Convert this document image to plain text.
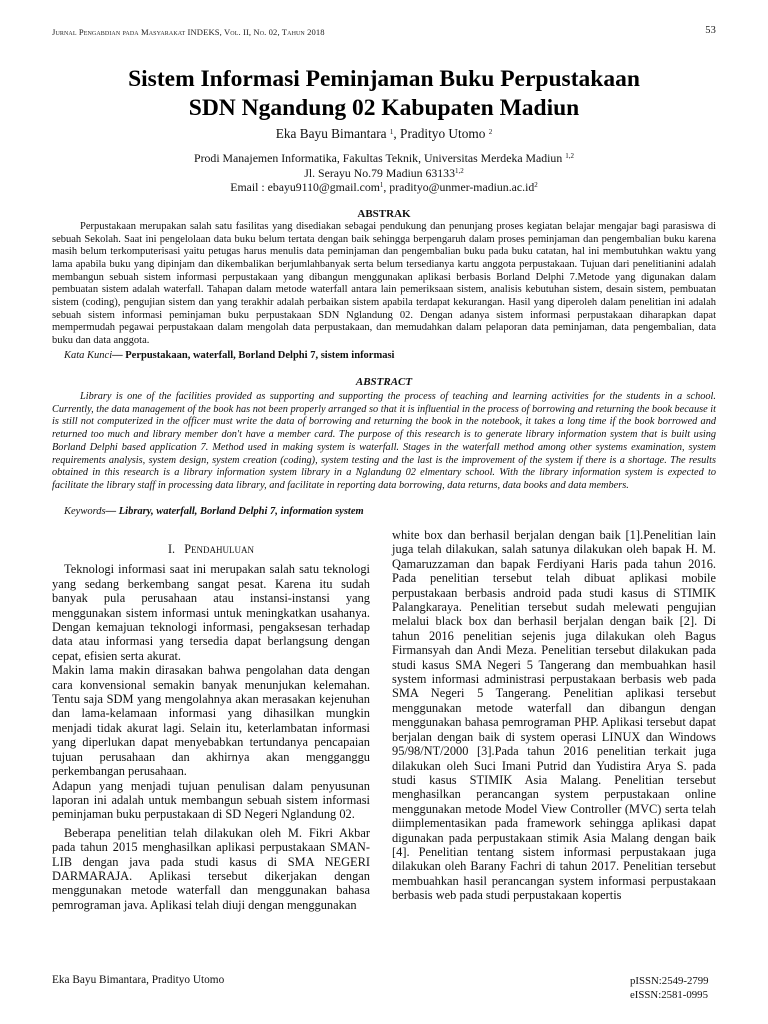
Jurnal Pengabdian pada Masyarakat INDEKS, Vol. II, No. 02, Tahun 2018	53
Sistem Informasi Peminjaman Buku Perpustakaan
SDN Ngandung 02 Kabupaten Madiun
Eka Bayu Bimantara $^1$, Pradityo Utomo $^2$
Prodi Manajemen Informatika, Fakultas Teknik, Universitas Merdeka Madiun $^{1,2}$
Jl. Serayu No.79 Madiun 63133$^{1,2}$
Email : ebayu9110@gmail.com$^1$, $pradityo@unmer-madiun.ac.id^2$
ABSTRAK

Perpustakaan merupakan salah satu fasilitas yang disediakan sebagai pendukung dan penunjang proses kegiatan belajar mengajar bagi parasiswa di sebuah Sekolah. Saat ini pengelolaan data buku belum tertata dengan baik sehingga berpengaruh dalam proses peminjaman dan pengembalian buku karena masih belum terkomputerisasi yaitu petugas harus menulis data peminjaman dan pengembalian buku pada buku catatan, hal ini membutuhkan waktu yang lama apabila buku yang dipinjam dan dikembalikan berjumlahbanyak serta belum tersedianya kartu anggota perpustakaan. Tujuan dari penelitianini adalah membangun sebuah sistem informasi perpustakaan yang dibangun menggunakan aplikasi berbasis Borland Delphi 7.Metode yang digunakan dalam pembuatan sistem adalah waterfall. Tahapan dalam metode waterfall antara lain pemeriksaan sistem, analisis kebutuhan sistem, desain sistem, pembuatan sistem (coding), pengujian sistem dan yang terakhir adalah perbaikan sistem apabila terdapat kekurangan. Hasil yang diperoleh dalam penelitian ini adalah sebuah sistem informasi peminjaman buku perpustakaan SDN Nglandung 02. Dengan adanya sistem informasi perpustakaan diharapkan dapat mempermudah pegawai perpustakaan dalam mengolah data perpustakaan, dan memudahkan dalam pelaporan data peminjaman, data pengembalian, data buku dan data anggota.

Kata Kunci— Perpustakaan, waterfall, Borland Delphi 7, sistem informasi

ABSTRACT

Library is one of the facilities provided as supporting and supporting the process of teaching and learning activities for the students in a school. Currently, the data management of the book has not been properly arranged so that it is influential in the process of borrowing and returning the book because it is still not computerized in the officer must write the data of borrowing and returning the book in the notebook, it takes a long time if the book borrowed and returned too much and library member don't have a member card. The purpose of this research is to generate library information system that is built using Borland Delphi based application 7. Method used in making system is waterfall. Stages in the waterfall method among other systems examination, system requirements analysis, system design, system creation (coding), system testing and the last is the improvement of the system if there is a shortage. The results obtained in this research is a library information system library in a Nglandung 02 elmentary school. With the library information system is expected to facilitate the library staff in processing data library, and facilitate in reporting data borrowing, data returns, data books and data members.

Keywords— Library, waterfall, Borland Delphi 7, information system

I. Pendahuluan

Teknologi informasi saat ini merupakan salah satu teknologi yang sedang berkembang sangat pesat. Karena itu sudah banyak pula perusahaan atau instansi-instansi yang menggunakan sistem informasi untuk meningkatkan usahanya. Dengan kemajuan teknologi informasi, pengaksesan terhadap data atau informasi yang tersedia dapat berlangsung dengan cepat, efisien serta akurat.

Makin lama makin dirasakan bahwa pengolahan data dengan cara konvensional semakin banyak menunjukan kelemahan. Tentu saja SDM yang mengolahnya akan merasakan kejenuhan dan lama-kelamaan informasi yang dihasilkan mungkin menjadi tidak akurat lagi. Selain itu, keterlambatan informasi yang diperlukan dapat menyebabkan tertundanya pencapaian tujuan perusahaan dan akhirnya akan mengganggu perkembangan perusahaan.

Adapun yang menjadi tujuan penulisan dalam penyusunan laporan ini adalah untuk membangun sebuah sistem informasi peminjaman buku perpustakaan di SD Negeri Nglandung 02.

Beberapa penelitian telah dilakukan oleh M. Fikri Akbar pada tahun 2015 menghasilkan aplikasi perpustakaan SMAN-LIB dengan java pada studi kasus di SMA NEGERI DARMARAJA. Aplikasi tersebut dikerjakan dengan menggunakan metode waterfall dan menggunakan bahasa pemrograman java. Aplikasi telah diuji dengan menggunakan

white box dan berhasil berjalan dengan baik [1].Penelitian lain juga telah dilakukan, salah satunya dilakukan oleh bapak H. M. Qamaruzzaman dan bapak Ferdiyani Haris pada tahun 2016. Pada penelitian tersebut telah dibuat aplikasi mobile perpustakaan berbasis android pada studi kasus di STIMIK Palangkaraya. Penelitian tersebut sudah melewati pengujian melalui black box dan berhasil berjalan dengan baik [2]. Di tahun 2016 penelitian sejenis juga dilakukan oleh Bagus Firmansyah dan Andi Meza. Penelitian tersebut dilakukan pada studi kasus SMA Negeri 5 Tangerang dan membuahkan hasil system informasi administrasi perpustakaan berbasis web pada SMA Negeri 5 Tangerang. Penelitian aplikasi tersebut menggunakan metode waterfall dan dibangun dengan menggunakan bahasa pemrograman PHP. Aplikasi tersebut dapat berjalan dengan baik di system operasi LINUX dan Windows 95/98/NT/2000 [3].Pada tahun 2016 penelitian terkait juga dilakukan oleh Suci Imani Putrid dan Yudistira Arya S. pada studi kasus STIMIK Asia Malang. Penelitian tersebut menghasilkan perancangan system perpustakaan online menggunakan metode Model View Controller (MVC) serta telah diimplementasikan pada framework sehingga aplikasi dapat digunakan pada perpustakaan stimik Asia Malang dengan baik [4]. Penelitian tentang sistem informasi perpustakaan juga dilakukan oleh Barany Fachri di tahun 2017. Penelitian tersebut membuahkan hasil perancangan system informasi perpustakaan berbasis web pada studi perpustakaan kopertis

Eka Bayu Bimantara, Pradityo Utomo	pISSN:2549-2799
eISSN:2581-0995
